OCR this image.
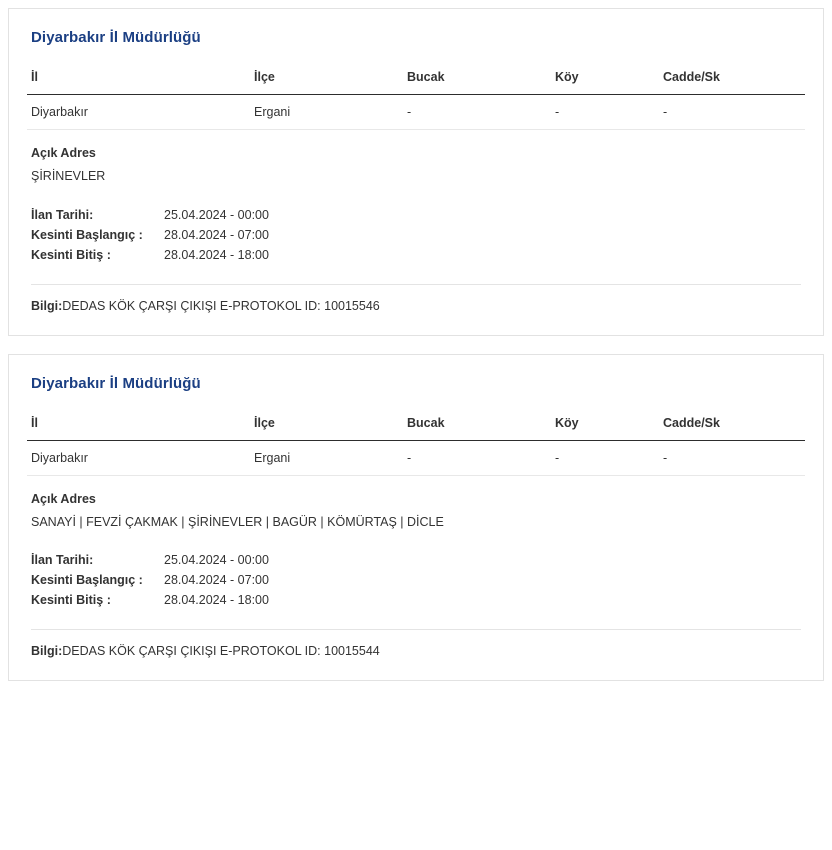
Diyarbakır İl Müdürlüğü
İl	İlçe	Bucak	Köy	Cadde/Sk
Diyarbakır	Ergani	-	-	-
Açık Adres
ŞİRİNEVLER
İlan Tarihi:	25.04.2024 - 00:00
Kesinti Başlangıç :	28.04.2024 - 07:00
Kesinti Bitiş :	28.04.2024 - 18:00
Bilgi:DEDAS KÖK ÇARŞI ÇIKIŞI E-PROTOKOL ID: 10015546
Diyarbakır İl Müdürlüğü
İl	İlçe	Bucak	Köy	Cadde/Sk
Diyarbakır	Ergani	-	-	-
Açık Adres
SANAYİ | FEVZİ ÇAKMAK | ŞİRİNEVLER | BAGÜR | KÖMÜRTAŞ | DİCLE
İlan Tarihi:	25.04.2024 - 00:00
Kesinti Başlangıç :	28.04.2024 - 07:00
Kesinti Bitiş :	28.04.2024 - 18:00
Bilgi:DEDAS KÖK ÇARŞI ÇIKIŞI E-PROTOKOL ID: 10015544
